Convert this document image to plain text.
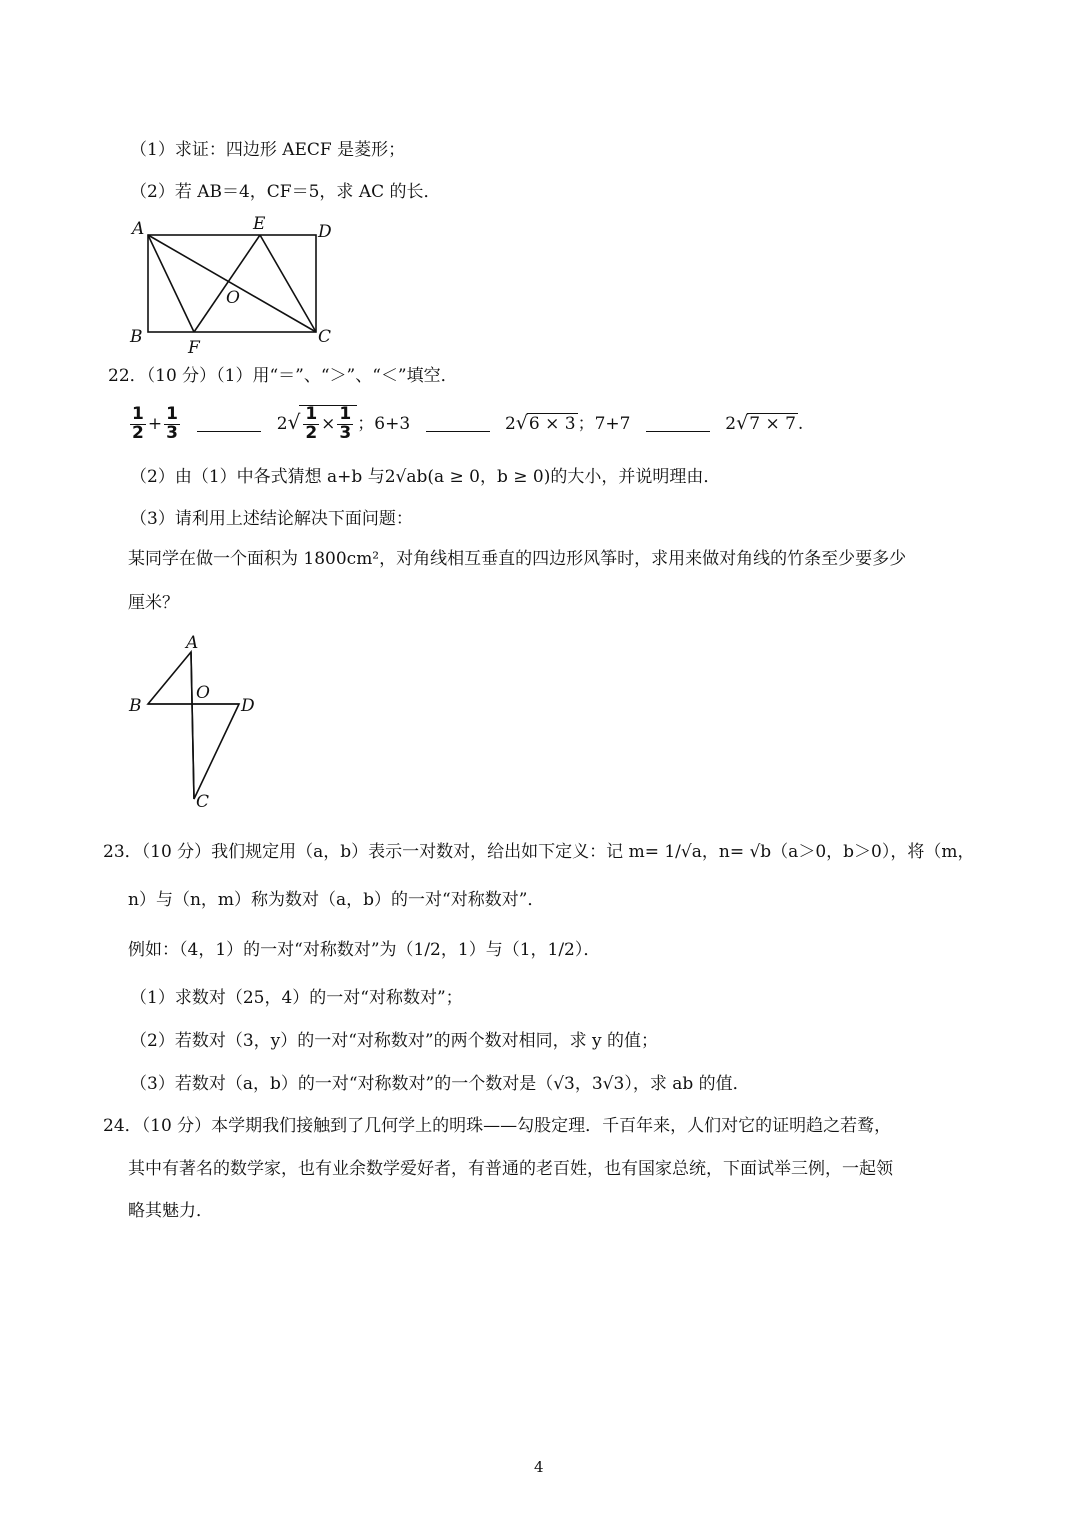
（1）求证：四边形 AECF 是菱形；
（2）若 AB＝4，CF＝5，求 AC 的长．
A	E	D
O
B
F
C
22．（10 分）（1）用“＝”、“＞”、“＜”填空．
$\frac{1}{2} + \frac{1}{3}$	$2√ \frac{1}{2} \times \frac{1}{3}$ ；6+3	2√6 × 3 ；7+7	2√7 × 7 .
（2）由（1）中各式猜想 a+b 与2√ab(a ≥ 0，b ≥ 0)的大小，并说明理由．
（3）请利用上述结论解决下面问题：
某同学在做一个面积为 1800cm²，对角线相互垂直的四边形风筝时，求用来做对角线的竹条至少要多少
厘米？
A
O
B	D
C
23．（10 分）我们规定用（a，b）表示一对数对，给出如下定义：记 m= 1/√a，n= √b（a＞0，b＞0），将（m，
n）与（n，m）称为数对（a，b）的一对“对称数对”．
例如：（4，1）的一对“对称数对”为（1/2，1）与（1，1/2）．
（1）求数对（25，4）的一对“对称数对”；
（2）若数对（3，y）的一对“对称数对”的两个数对相同，求 y 的值；
（3）若数对（a，b）的一对“对称数对”的一个数对是（√3，3√3），求 ab 的值．
24．（10 分）本学期我们接触到了几何学上的明珠——勾股定理．千百年来，人们对它的证明趋之若鹜，
其中有著名的数学家，也有业余数学爱好者，有普通的老百姓，也有国家总统，下面试举三例，一起领
略其魅力．
4
